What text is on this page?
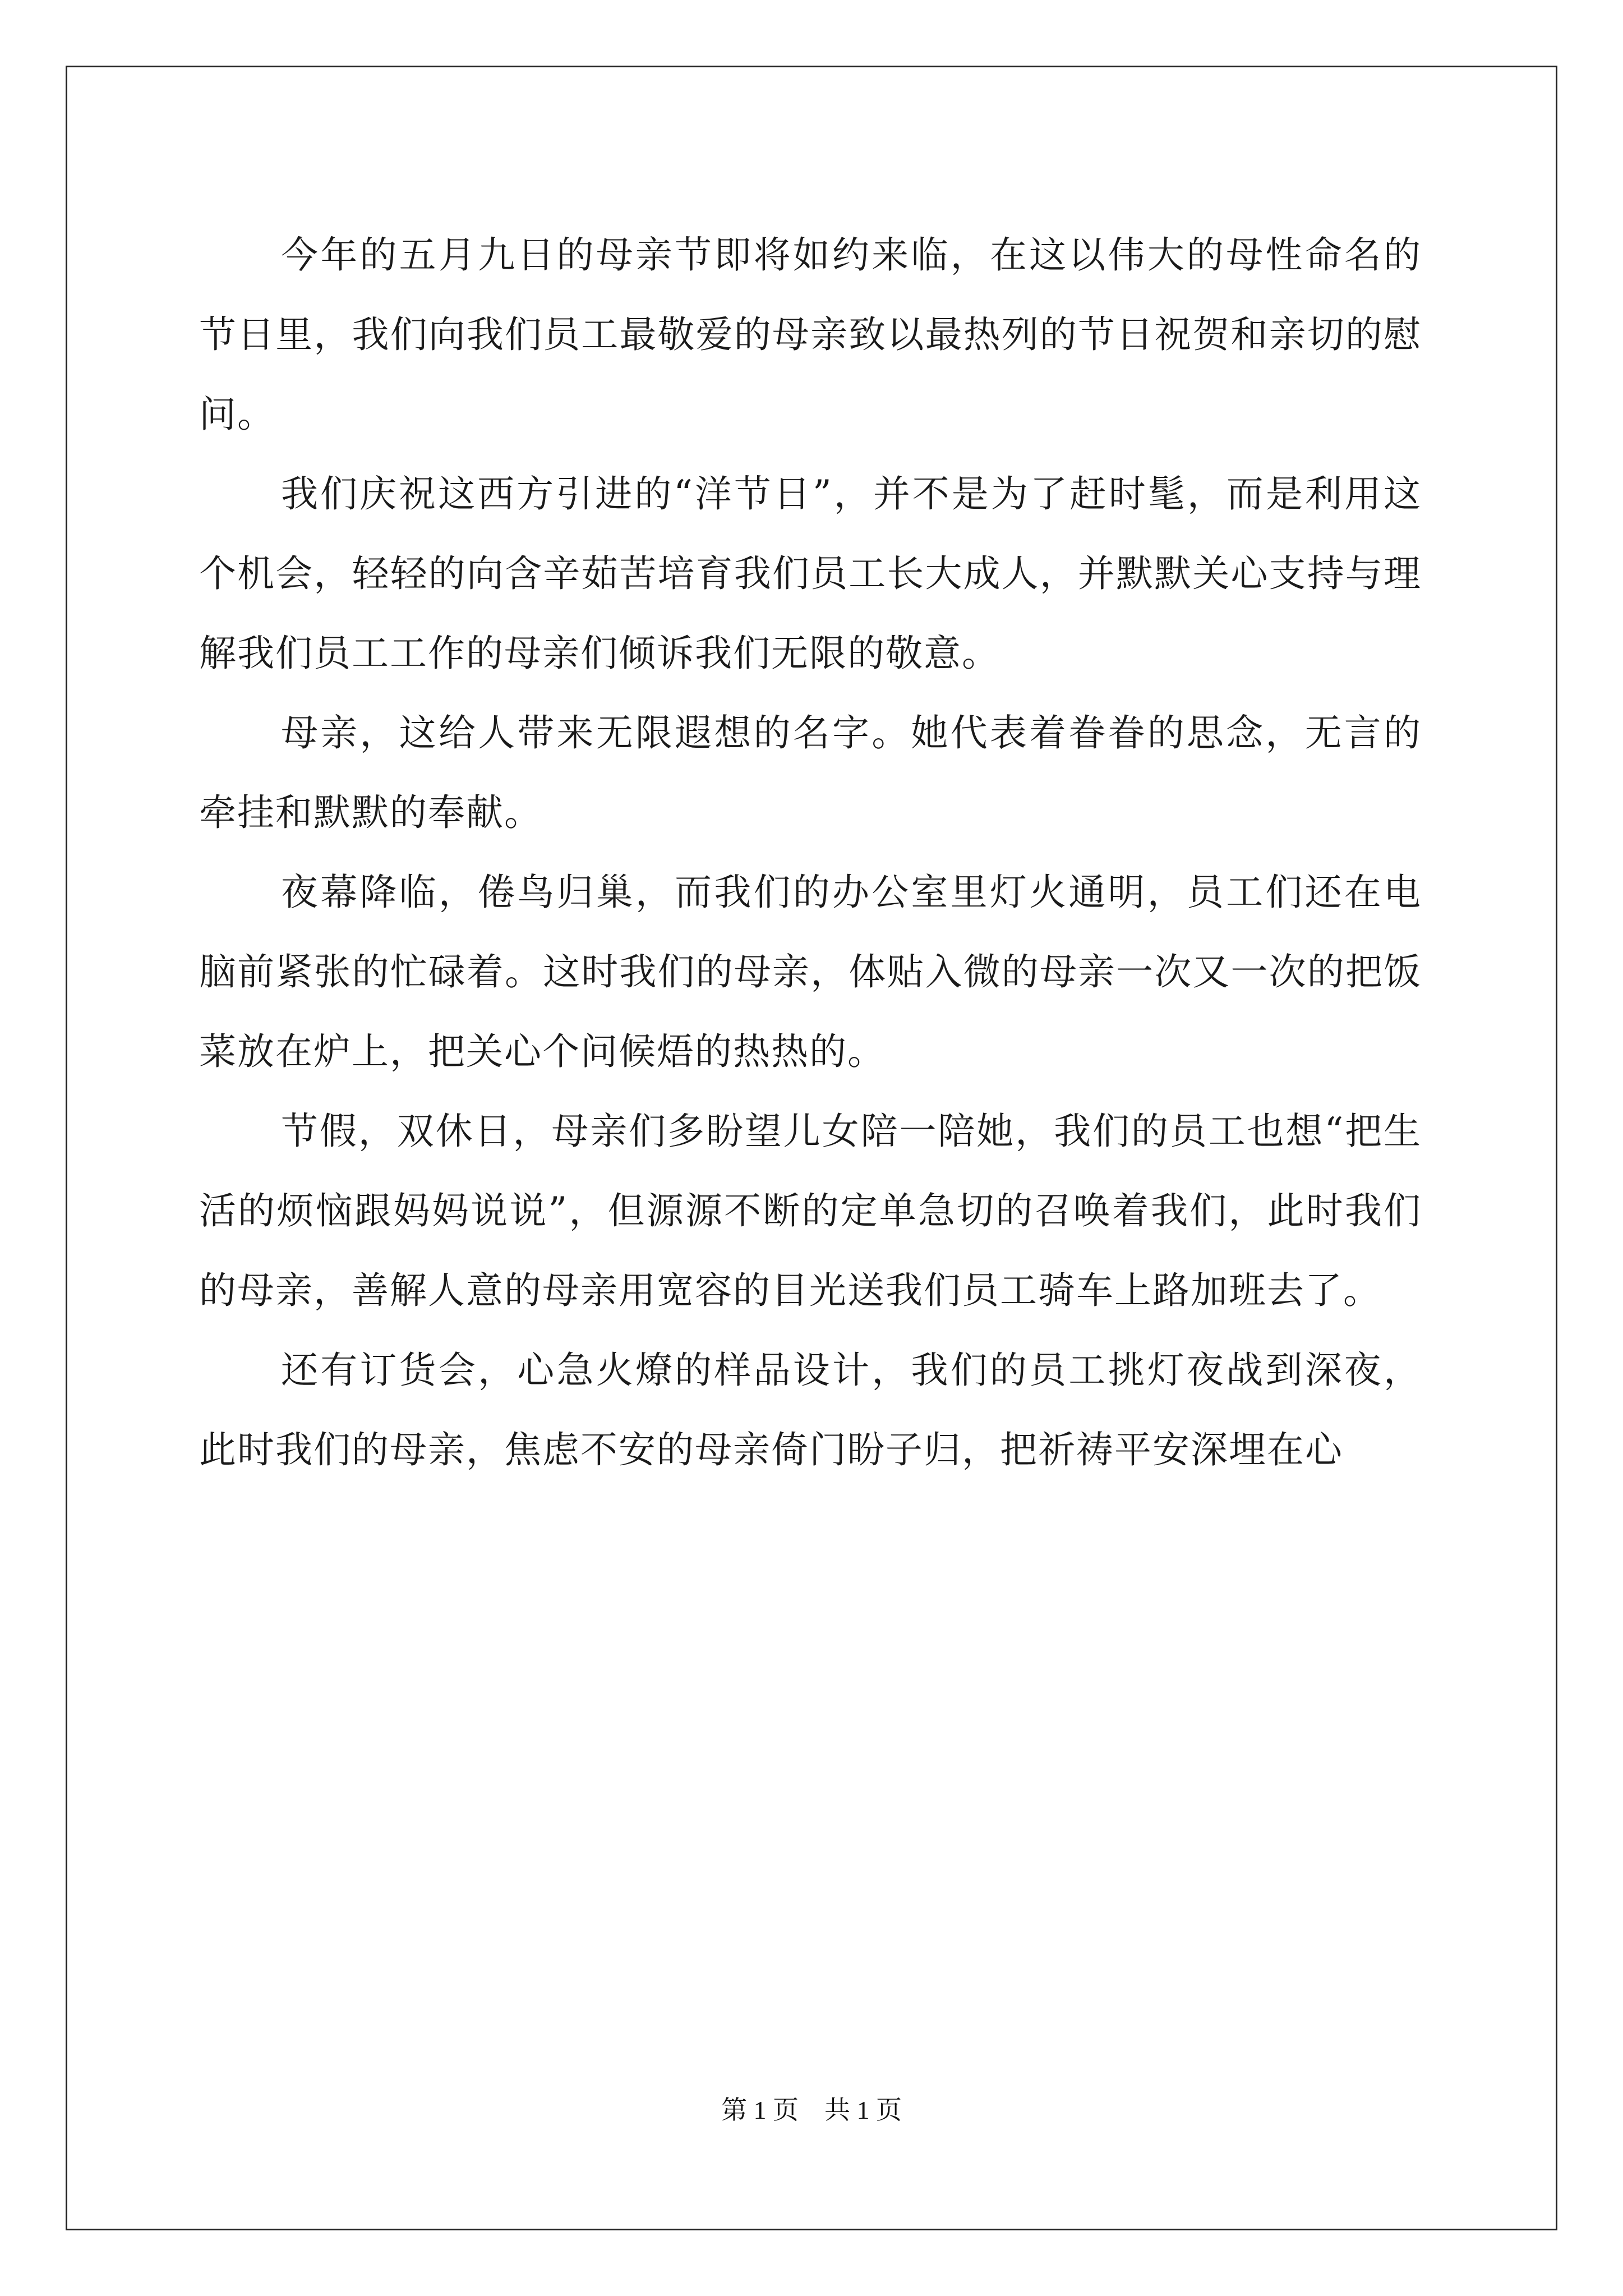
今年的五月九日的母亲节即将如约来临，在这以伟大的母性命名的节日里，我们向我们员工最敬爱的母亲致以最热列的节日祝贺和亲切的慰问。

我们庆祝这西方引进的“洋节日”，并不是为了赶时髦，而是利用这个机会，轻轻的向含辛茹苦培育我们员工长大成人，并默默关心支持与理解我们员工工作的母亲们倾诉我们无限的敬意。

母亲，这给人带来无限遐想的名字。她代表着眷眷的思念，无言的牵挂和默默的奉献。

夜幕降临，倦鸟归巢，而我们的办公室里灯火通明，员工们还在电脑前紧张的忙碌着。这时我们的母亲，体贴入微的母亲一次又一次的把饭菜放在炉上，把关心个问候焐的热热的。

节假，双休日，母亲们多盼望儿女陪一陪她，我们的员工也想“把生活的烦恼跟妈妈说说”，但源源不断的定单急切的召唤着我们，此时我们的母亲，善解人意的母亲用宽容的目光送我们员工骑车上路加班去了。

还有订货会，心急火燎的样品设计，我们的员工挑灯夜战到深夜，此时我们的母亲，焦虑不安的母亲倚门盼子归，把祈祷平安深埋在心

第 1 页    共 1 页
